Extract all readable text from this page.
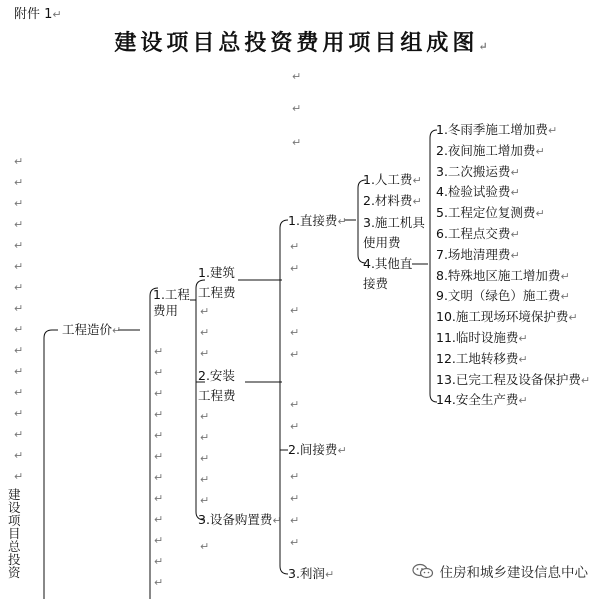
附件 1↵
建设项目总投资费用项目组成图↵
建设项目总投资
工程造价↵
1.工程费用
1.建筑工程费
2.安装工程费
3.设备购置费↵
1.直接费↵
2.间接费↵
3.利润↵
1.人工费↵
2.材料费↵
3.施工机具使用费
4.其他直接费
1.冬雨季施工增加费↵
2.夜间施工增加费↵
3.二次搬运费↵
4.检验试验费↵
5.工程定位复测费↵
6.工程点交费↵
7.场地清理费↵
8.特殊地区施工增加费↵
9.文明（绿色）施工费↵
10.施工现场环境保护费↵
11.临时设施费↵
12.工地转移费↵
13.已完工程及设备保护费↵
14.安全生产费↵
↵
↵
↵
↵
↵
↵
↵
↵
↵
↵
↵
↵
↵
↵
↵
↵
↵
↵
↵
↵
↵
↵
↵
↵
↵
↵
↵
↵
↵
↵
↵
↵
↵
↵
↵
↵
↵
↵
↵
↵
↵
↵
↵
↵
↵
↵
↵
↵
↵
↵
↵
住房和城乡建设信息中心
